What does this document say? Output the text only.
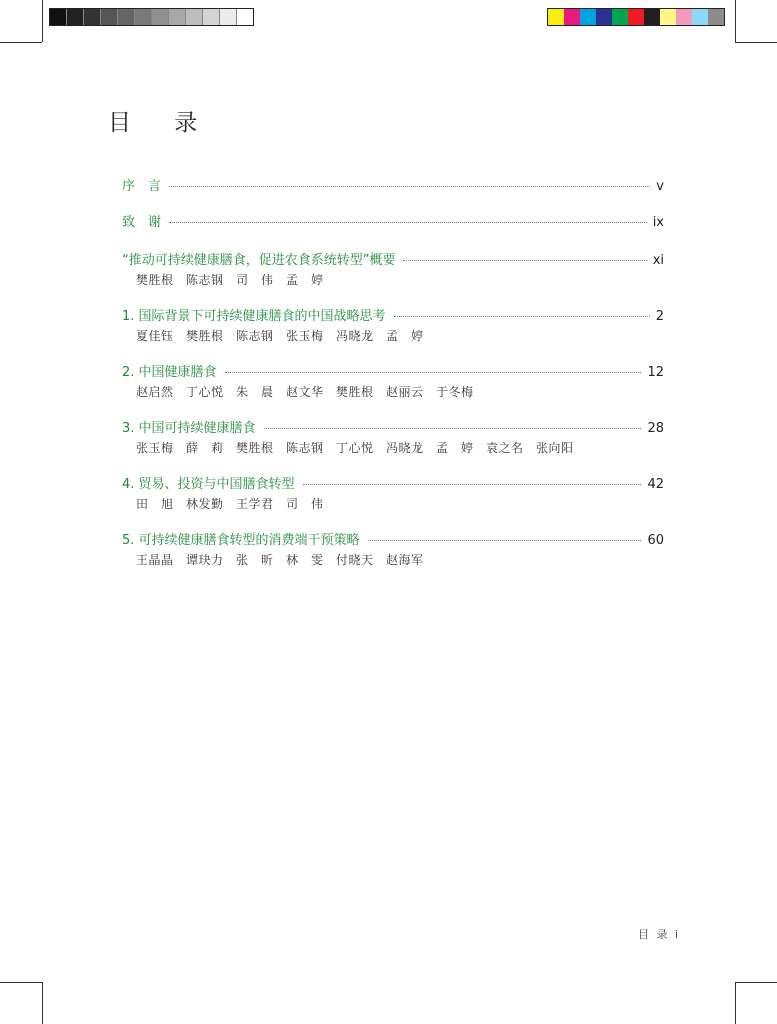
目 录
序　言	v
致　谢	ix
“推动可持续健康膳食，促进农食系统转型”概要	xi
樊胜根　陈志钢　司　伟　孟　婷
1. 国际背景下可持续健康膳食的中国战略思考	2
夏佳钰　樊胜根　陈志钢　张玉梅　冯晓龙　孟　婷
2. 中国健康膳食	12
赵启然　丁心悦　朱　晨　赵文华　樊胜根　赵丽云　于冬梅
3. 中国可持续健康膳食	28
张玉梅　薛　莉　樊胜根　陈志钢　丁心悦　冯晓龙　孟　婷　袁之名　张向阳
4. 贸易、投资与中国膳食转型	42
田　旭　林发勤　王学君　司　伟
5. 可持续健康膳食转型的消费端干预策略	60
王晶晶　谭玦力　张　昕　林　雯　付晓天　赵海军
目 录 i
